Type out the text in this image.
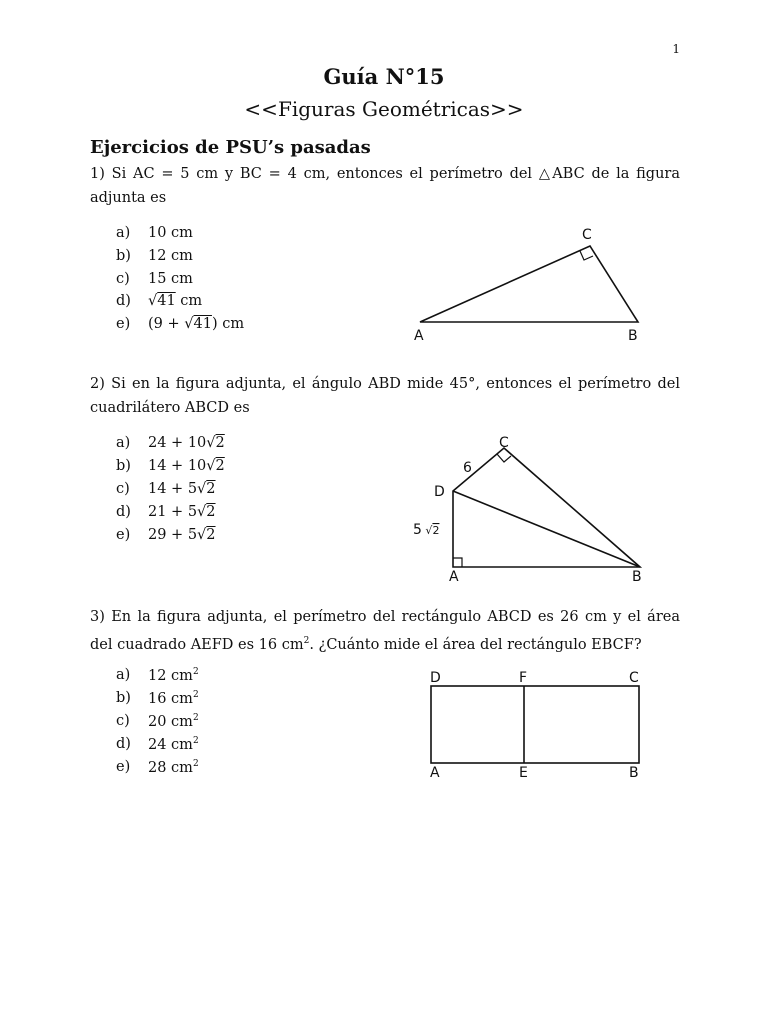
1
Guía N°15
<<Figuras Geométricas>>
Ejercicios de PSU’s pasadas
1) Si AC = 5 cm y BC = 4 cm, entonces el perímetro del △ABC de la figura adjunta es
a)	10 cm
b)	12 cm
c)	15 cm
d)	√41 cm
e)	(9 + √41) cm
A	B
C
2) Si en la figura adjunta, el ángulo ABD mide 45°, entonces el perímetro del cuadrilátero ABCD es
a)	24 + 10√2
b)	14 + 10√2
c)	14 + 5√2
d)	21 + 5√2
e)	29 + 5√2
A	B
C
D
6
5 √2
3) En la figura adjunta, el perímetro del rectángulo ABCD es 26 cm y el área del cuadrado AEFD es 16 $cm^2$. ¿Cuánto mide el área del rectángulo EBCF?
a)	12 $cm^2$
b)	16 $cm^2$
c)	20 $cm^2$
d)	24 $cm^2$
e)	28 $cm^2$
D	F	C
A	E	B
